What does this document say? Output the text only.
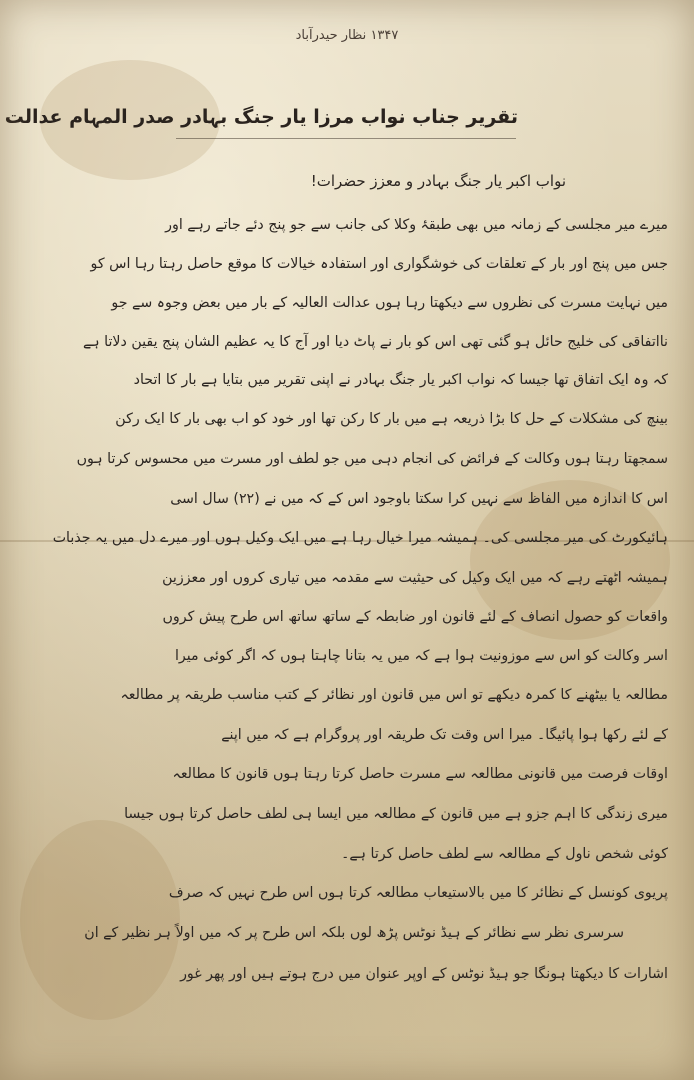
۱۳۴۷ نظار حیدرآباد
تقریر جناب نواب مرزا یار جنگ بہادر صدر المہام عدالت
نواب اکبر یار جنگ بہادر و معزز حضرات!
میرے میر مجلسی کے زمانہ میں بھی طبقۂ وکلا کی جانب سے جو پنج دئے جاتے رہے اور
جس میں پنج اور بار کے تعلقات کی خوشگواری اور استفادہ خیالات کا موقع حاصل رہتا رہا اس کو
میں نہایت مسرت کی نظروں سے دیکھتا رہا ہوں عدالت العالیہ کے بار میں بعض وجوہ سے جو
نااتفاقی کی خلیج حائل ہو گئی تھی اس کو بار نے پاٹ دیا اور آج کا یہ عظیم الشان پنج یقین دلاتا ہے
کہ وہ ایک اتفاق تھا جیسا کہ نواب اکبر یار جنگ بہادر نے اپنی تقریر میں بتایا ہے بار کا اتحاد
بینچ کی مشکلات کے حل کا بڑا ذریعہ ہے میں بار کا رکن تھا اور خود کو اب بھی بار کا ایک رکن
سمجھتا رہتا ہوں وکالت کے فرائض کی انجام دہی میں جو لطف اور مسرت میں محسوس کرتا ہوں
اس کا اندازہ میں الفاظ سے نہیں کرا سکتا باوجود اس کے کہ میں نے (۲۲) سال اسی
ہائیکورٹ کی میر مجلسی کی۔ ہمیشہ میرا خیال رہا ہے میں ایک وکیل ہوں اور میرے دل میں یہ جذبات
ہمیشہ اٹھتے رہے کہ میں ایک وکیل کی حیثیت سے مقدمہ میں تیاری کروں اور معززین
واقعات کو حصول انصاف کے لئے قانون اور ضابطہ کے ساتھ ساتھ اس طرح پیش کروں
اسر وکالت کو اس سے موزونیت ہوا ہے کہ میں یہ بتانا چاہتا ہوں کہ اگر کوئی میرا
مطالعہ یا بیٹھنے کا کمرہ دیکھے تو اس میں قانون اور نظائر کے کتب مناسب طریقہ پر مطالعہ
کے لئے رکھا ہوا پائیگا۔ میرا اس وقت تک طریقہ اور پروگرام ہے کہ میں اپنے
اوقات فرصت میں قانونی مطالعہ سے مسرت حاصل کرتا رہتا ہوں قانون کا مطالعہ
میری زندگی کا اہم جزو ہے میں قانون کے مطالعہ میں ایسا ہی لطف حاصل کرتا ہوں جیسا
کوئی شخص ناول کے مطالعہ سے لطف حاصل کرتا ہے۔
پریوی کونسل کے نظائر کا میں بالاستیعاب مطالعہ کرتا ہوں اس طرح نہیں کہ صرف
سرسری نظر سے نظائر کے ہیڈ نوٹس پڑھ لوں بلکہ اس طرح پر کہ میں اولاً ہر نظیر کے ان
اشارات کا دیکھتا ہونگا جو ہیڈ نوٹس کے اوپر عنوان میں درج ہوتے ہیں اور پھر غور
